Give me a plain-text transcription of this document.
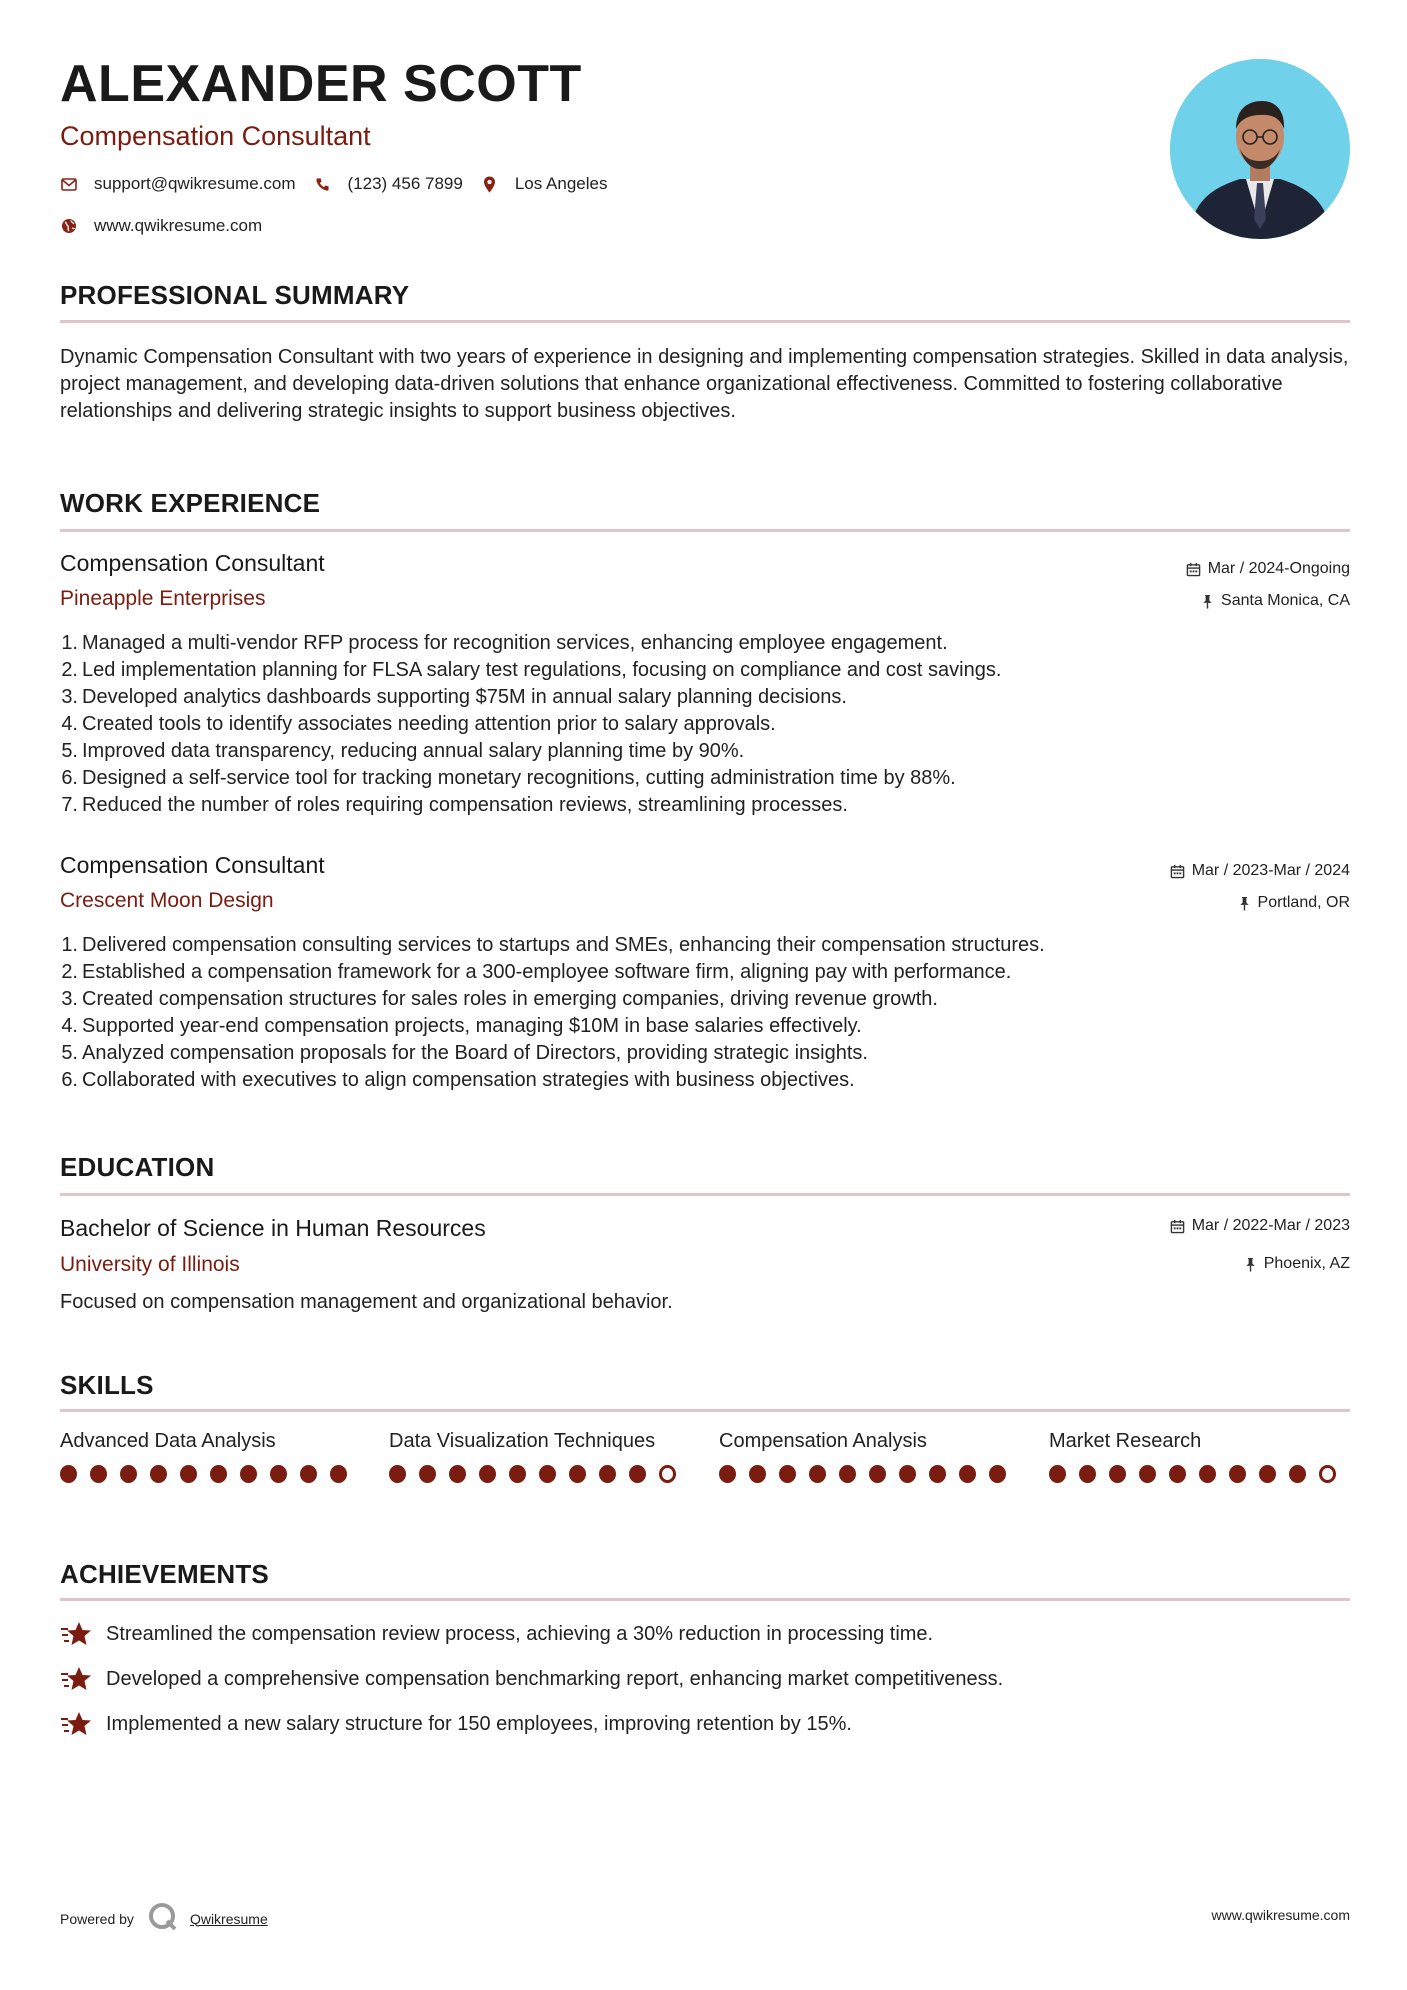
ALEXANDER SCOTT
Compensation Consultant
support@qwikresume.com	(123) 456 7899	Los Angeles
www.qwikresume.com
PROFESSIONAL SUMMARY
Dynamic Compensation Consultant with two years of experience in designing and implementing compensation strategies. Skilled in data analysis, project management, and developing data-driven solutions that enhance organizational effectiveness. Committed to fostering collaborative relationships and delivering strategic insights to support business objectives.
WORK EXPERIENCE
Compensation Consultant	Mar / 2024-Ongoing
Pineapple Enterprises	Santa Monica, CA
1. Managed a multi-vendor RFP process for recognition services, enhancing employee engagement.
2. Led implementation planning for FLSA salary test regulations, focusing on compliance and cost savings.
3. Developed analytics dashboards supporting $75M in annual salary planning decisions.
4. Created tools to identify associates needing attention prior to salary approvals.
5. Improved data transparency, reducing annual salary planning time by 90%.
6. Designed a self-service tool for tracking monetary recognitions, cutting administration time by 88%.
7. Reduced the number of roles requiring compensation reviews, streamlining processes.
Compensation Consultant	Mar / 2023-Mar / 2024
Crescent Moon Design	Portland, OR
1. Delivered compensation consulting services to startups and SMEs, enhancing their compensation structures.
2. Established a compensation framework for a 300-employee software firm, aligning pay with performance.
3. Created compensation structures for sales roles in emerging companies, driving revenue growth.
4. Supported year-end compensation projects, managing $10M in base salaries effectively.
5. Analyzed compensation proposals for the Board of Directors, providing strategic insights.
6. Collaborated with executives to align compensation strategies with business objectives.
EDUCATION
Bachelor of Science in Human Resources	Mar / 2022-Mar / 2023
University of Illinois	Phoenix, AZ
Focused on compensation management and organizational behavior.
SKILLS
Advanced Data Analysis	Data Visualization Techniques	Compensation Analysis	Market Research
ACHIEVEMENTS
Streamlined the compensation review process, achieving a 30% reduction in processing time.
Developed a comprehensive compensation benchmarking report, enhancing market competitiveness.
Implemented a new salary structure for 150 employees, improving retention by 15%.
Powered by	Qwikresume	www.qwikresume.com
